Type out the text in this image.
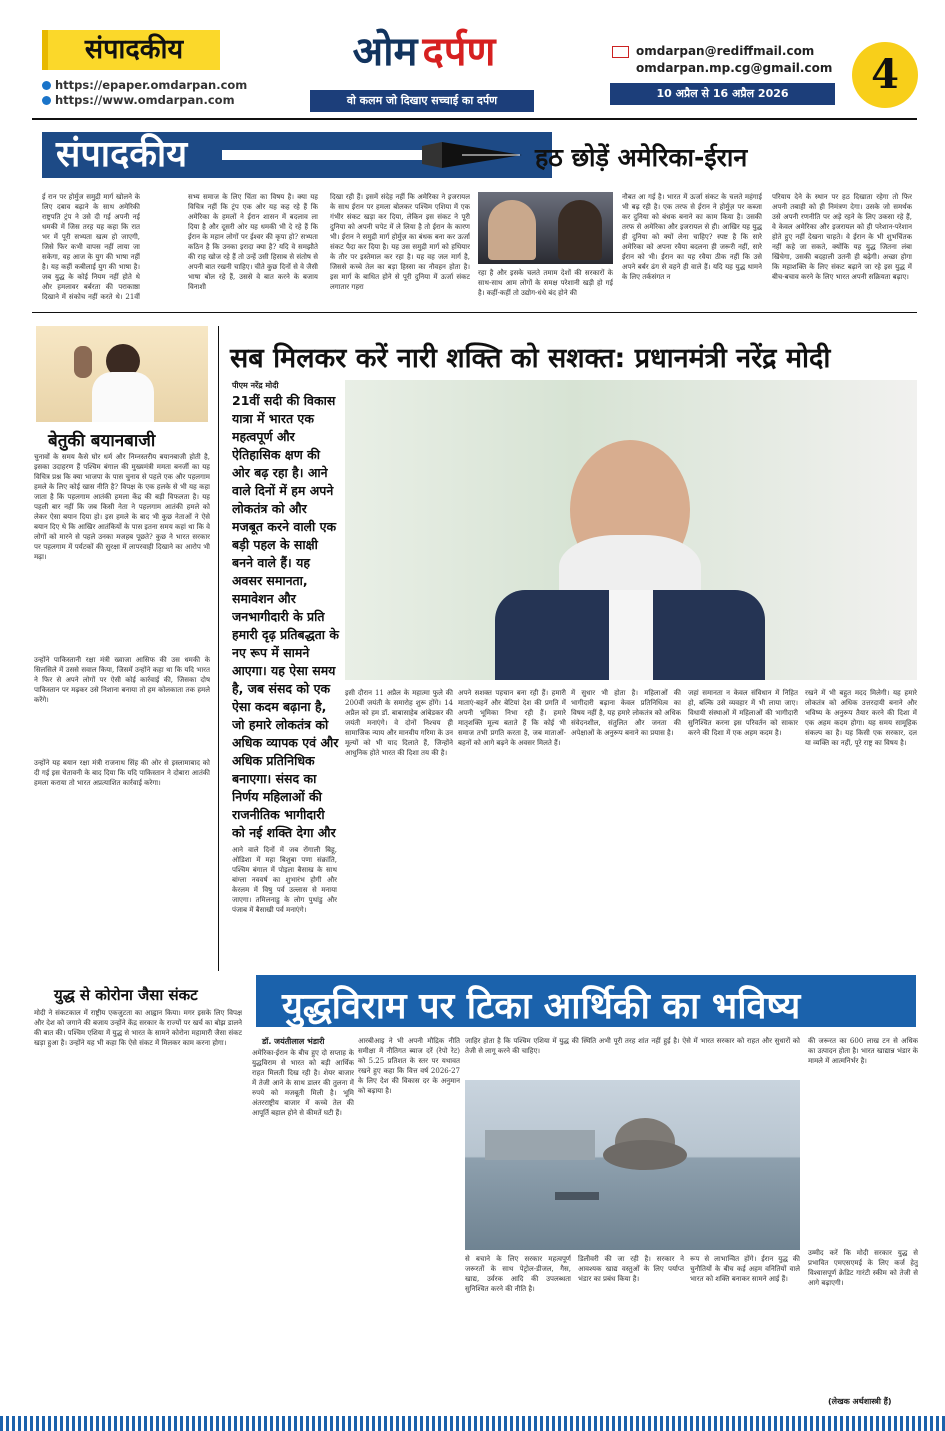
संपादकीय
https://epaper.omdarpan.com
https://www.omdarpan.com
ओम दर्पण
वो कलम जो दिखाए सच्चाई का दर्पण
omdarpan@rediffmail.com
omdarpan.mp.cg@gmail.com
10 अप्रैल से 16 अप्रैल 2026	4
संपादकीय	हठ छोड़ें अमेरिका-ईरान
ई रान पर होर्मुज समुद्री मार्ग खोलने के लिए दबाव बढ़ाने के साथ अमेरिकी राष्ट्रपति ट्रंप ने उसे दी गई अपनी नई धमकी में जिस तरह यह कहा कि रात भर में पूरी सभ्यता खत्म हो जाएगी, जिसे फिर कभी वापस नहीं लाया जा सकेगा, वह आज के युग की भाषा नहीं है। यह कहीं कबीलाई युग की भाषा है। जब युद्ध के कोई नियम नहीं होते थे और हमलावर बर्बरता की पराकाष्ठा दिखाने में संकोच नहीं करते थे। 21वीं
सभ्य समाज के लिए चिंता का विषय है। क्या यह विचित्र नहीं कि ट्रंप एक ओर यह कह रहे हैं कि अमेरिका के हमलों ने ईरान शासन में बदलाव ला दिया है और दूसरी ओर यह धमकी भी दे रहे हैं कि ईरान के महान लोगों पर ईश्वर की कृपा हो? सभ्यता कठिन है कि उनका इरादा क्या है? यदि वे समझौते की राह खोज रहे हैं तो उन्हें उसी हिसाब से संतोष से अपनी बात रखनी चाहिए। चीते कुछ दिनों से वे जैसी भाषा बोल रहे हैं, उससे वे बात करने के बजाय विनाशी
दिखा रही हैं। इसमें संदेह नहीं कि अमेरिका ने इजरायल के साथ ईरान पर हमला बोलकर पश्चिम एशिया में एक गंभीर संकट खड़ा कर दिया, लेकिन इस संकट ने पूरी दुनिया को अपनी चपेट में ले लिया है तो ईरान के कारण भी। ईरान ने समुद्री मार्ग होर्मुज़ का बंधक बना कर ऊर्जा संकट पैदा कर दिया है। यह उस समुद्री मार्ग को हथियार के तौर पर इस्तेमाल कर रहा है। यह वह जल मार्ग है, जिससे कच्चे तेल का बड़ा हिस्सा का नौवहन होता है। इस मार्ग के बाधित होने से पूरी दुनिया में ऊर्जा संकट लगातार गहरा
रहा है और इसके चलते तमाम देशों की सरकारों के साथ-साथ आम लोगों के समक्ष परेशानी खड़ी हो गई है। कहीं-कहीं तो उद्योग-धंधे बंद होने की
नौबत आ गई है। भारत में ऊर्जा संकट के चलते महंगाई भी बढ़ रही है। एक तरफ से ईरान ने होर्मुज़ पर कब्जा कर दुनिया को बंधक बनाने का काम किया है। उसकी तरफ से अमेरिका और इजरायल से ही। आखिर यह युद्ध ही दुनिया को क्यों लेना चाहिए? स्पष्ट है कि सारे अमेरिका को अपना रवैया बदलना ही जरूरी नहीं, सारे ईरान को भी। ईरान का यह रवैया ठीक नहीं कि उसे अपने बर्बर ढंग से वहने ही वाले हैं। यदि यह युद्ध थामने के लिए तर्कसंगत न
परियाय देने के स्थान पर हठ दिखाता रहेगा तो फिर अपनी तबाही को ही निमंत्रण देगा। उसके जो समर्थक उसे अपनी रणनीति पर अड़े रहने के लिए उकसा रहे हैं, वे केवल अमेरिका और इजरायल को ही परेशान-परेशान होते हुए नहीं देखना चाहते। वे ईरान के भी शुभचिंतक नहीं कहे जा सकते, क्योंकि यह युद्ध जितना लंबा खिंचेगा, उसकी बदहाली उतनी ही बढ़ेगी। अच्छा होगा कि महाशक्ति के लिए संकट बढ़ाने जा रहे इस युद्ध में बीच-बचाव करने के लिए भारत अपनी सक्रियता बढ़ाए।
बेतुकी बयानबाजी
चुनावों के समय कैसे घोर धर्म और निम्नस्तरीय बयानबाजी होती है, इसका उदाहरण हैं पश्चिम बंगाल की मुख्यमंत्री ममता बनर्जी का यह विचित्र प्रश्न कि क्या भाजपा के पास चुनाव से पहले एक और पहलगाम हमले के लिए कोई खास नीति है? विपक्ष के एक हलके से भी यह कहा जाता है कि पहलगाम आतंकी हमला केंद्र की बड़ी विफलता है। यह पहली बार नहीं कि जब किसी नेता ने पहलगाम आतंकी हमले को लेकर ऐसा बयान दिया हो। इस हमले के बाद भी कुछ नेताओं ने ऐसे बयान दिए थे कि आखिर आतंकियों के पास इतना समय कहां था कि वे लोगों को मारने से पहले उनका मजहब पूछते? कुछ ने भारत सरकार पर पहलगाम में पर्यटकों की सुरक्षा में लापरवाही दिखाने का आरोप भी मढ़ा।
उन्होंने पाकिस्तानी रक्षा मंत्री ख्वाजा आसिफ की उस धमकी के सिलसिले में उससे सवाल किया, जिसमें उन्होंने कहा था कि यदि भारत ने फिर से अपने लोगों पर ऐसी कोई कार्रवाई की, जिसका दोष पाकिस्तान पर मढ़कर उसे निशाना बनाया तो हम कोलकाता तक हमले करेंगे।
उन्होंने यह बयान रक्षा मंत्री राजनाथ सिंह की ओर से इस्लामाबाद को दी गई इस चेतावनी के बाद दिया कि यदि पाकिस्तान ने दोबारा आतंकी हमला कराया तो भारत अप्रत्याशित कार्रवाई करेगा।
युद्ध से कोरोना जैसा संकट
मोदी ने संकटकाल में राष्ट्रीय एकजुटता का आह्वान किया। मगर इसके लिए विपक्ष और देश को जगाने की बजाय उन्होंने केंद्र सरकार के राज्यों पर खर्च का बोझ डालने की बात की। पश्चिम एशिया में युद्ध से भारत के सामने कोरोना महामारी जैसा संकट खड़ा हुआ है। उन्होंने यह भी कहा कि ऐसे संकट में मिलकर काम करना होगा।
सब मिलकर करें नारी शक्ति को सशक्त: प्रधानमंत्री नरेंद्र मोदी
पीएम नरेंद्र मोदी
21वीं सदी की विकास यात्रा में भारत एक महत्वपूर्ण और ऐतिहासिक क्षण की ओर बढ़ रहा है। आने वाले दिनों में हम अपने लोकतंत्र को और मजबूत करने वाली एक बड़ी पहल के साक्षी बनने वाले हैं। यह अवसर समानता, समावेशन और जनभागीदारी के प्रति हमारी दृढ़ प्रतिबद्धता के नए रूप में सामने आएगा। यह ऐसा समय है, जब संसद को एक ऐसा कदम बढ़ाना है, जो हमारे लोकतंत्र को अधिक व्यापक एवं और अधिक प्रतिनिधिक बनाएगा। संसद का निर्णय महिलाओं की राजनीतिक भागीदारी को नई शक्ति देगा और
आने वाले दिनों में जब रोंगाली बिहू, ओडिशा में महा बिशुबा पणा संक्रांति, पश्चिम बंगाल में पोइला बैसाख के साथ बांग्ला नववर्ष का शुभारंभ होगी और केरलम में विषु पर्व उल्लास से मनाया जाएगा। तमिलनाडु के लोग पुथांडु और पंजाब में बैसाखी पर्व मनाएंगे।
इसी दौरान 11 अप्रैल के महात्मा फुले की 200वीं जयंती के समारोह शुरू होंगे। 14 अप्रैल को हम डॉ. बाबासाहेब आंबेडकर की जयंती मनाएंगे। वे दोनों निश्चय ही सामाजिक न्याय और मानवीय गरिमा के उन मूल्यों को भी याद दिलाते हैं, जिन्होंने आधुनिक होते भारत की दिशा तय की है।
अपने सशक्त पहचान बना रही हैं। हमारी माताएं-बहनें और बेटियां देश की प्रगति में अपनी भूमिका निभा रही हैं। हमारे मातृशक्ति मूल्य बताते हैं कि कोई भी समाज तभी प्रगति करता है, जब माताओं-बहनों को आगे बढ़ने के अवसर मिलते हैं।
में सुधार भी होता है। महिलाओं की भागीदारी बढ़ाना केवल प्रतिनिधित्व का विषय नहीं है, यह हमारे लोकतंत्र को अधिक संवेदनशील, संतुलित और जनता की अपेक्षाओं के अनुरूप बनाने का प्रयास है।
जहां समानता न केवल संविधान में निहित हो, बल्कि उसे व्यवहार में भी लाया जाए। विधायी संस्थाओं में महिलाओं की भागीदारी सुनिश्चित करना इस परिवर्तन को साकार करने की दिशा में एक अहम कदम है।
रखने में भी बहुत मदद मिलेगी। यह हमारे लोकतंत्र को अधिक उत्तरदायी बनाने और भविष्य के अनुरूप तैयार करने की दिशा में एक अहम कदम होगा। यह समय सामूहिक संकल्प का है। यह किसी एक सरकार, दल या व्यक्ति का नहीं, पूरे राष्ट्र का विषय है।
युद्धविराम पर टिका आर्थिकी का भविष्य
डॉ. जयंतीलाल भंडारी
अमेरिका-ईरान के बीच हुए दो सप्ताह के युद्धविराम से भारत को बड़ी आर्थिक राहत मिलती दिख रही है। शेयर बाजार में तेजी आने के साथ डालर की तुलना में रुपये को मजबूती मिली है। भूमि अंतरराष्ट्रीय बाजार में कच्चे तेल की आपूर्ति बहाल होने से कीमतें घटी हैं।
आरबीआइ ने भी अपनी मौद्रिक नीति समीक्षा में नीतिगत ब्याज दरें (रेपो रेट) को 5.25 प्रतिशत के स्तर पर यथावत रखने हुए कहा कि वित्त वर्ष 2026-27 के लिए देश की विकास दर के अनुमान को बढ़ाया है।
जाहिर होता है कि पश्चिम एशिया में युद्ध की स्थिति अभी पूरी तरह शांत नहीं हुई है। ऐसे में भारत सरकार को राहत और सुधारों को तेजी से लागू करने की चाहिए।
से बचाने के लिए सरकार महत्वपूर्ण जरूरतों के साथ पेट्रोल-डीजल, गैस, खाद्य, उर्वरक आदि की उपलब्धता सुनिश्चित करने की नीति है।
डिलीवरी की जा रही है। सरकार ने आवश्यक खाद्य वस्तुओं के लिए पर्याप्त भंडार का प्रबंध किया है।
रूप से लाभान्वित होंगे। ईरान युद्ध की चुनौतियों के बीच कई अहम वनितियों वाले भारत को शक्ति बनाकर सामने आई हैं।
की जरूरत का 600 लाख टन से अधिक का उत्पादन होता है। भारत खाद्यान्न भंडार के मामले में आत्मनिर्भर है।
उम्मीद करें कि मोदी सरकार युद्ध से प्रभावित एमएसएमई के लिए कर्ज हेतु विश्वासपूर्ण क्रेडिट गारंटी स्कीम को तेजी से आगे बढ़ाएगी।
(लेखक अर्थशास्त्री हैं)
